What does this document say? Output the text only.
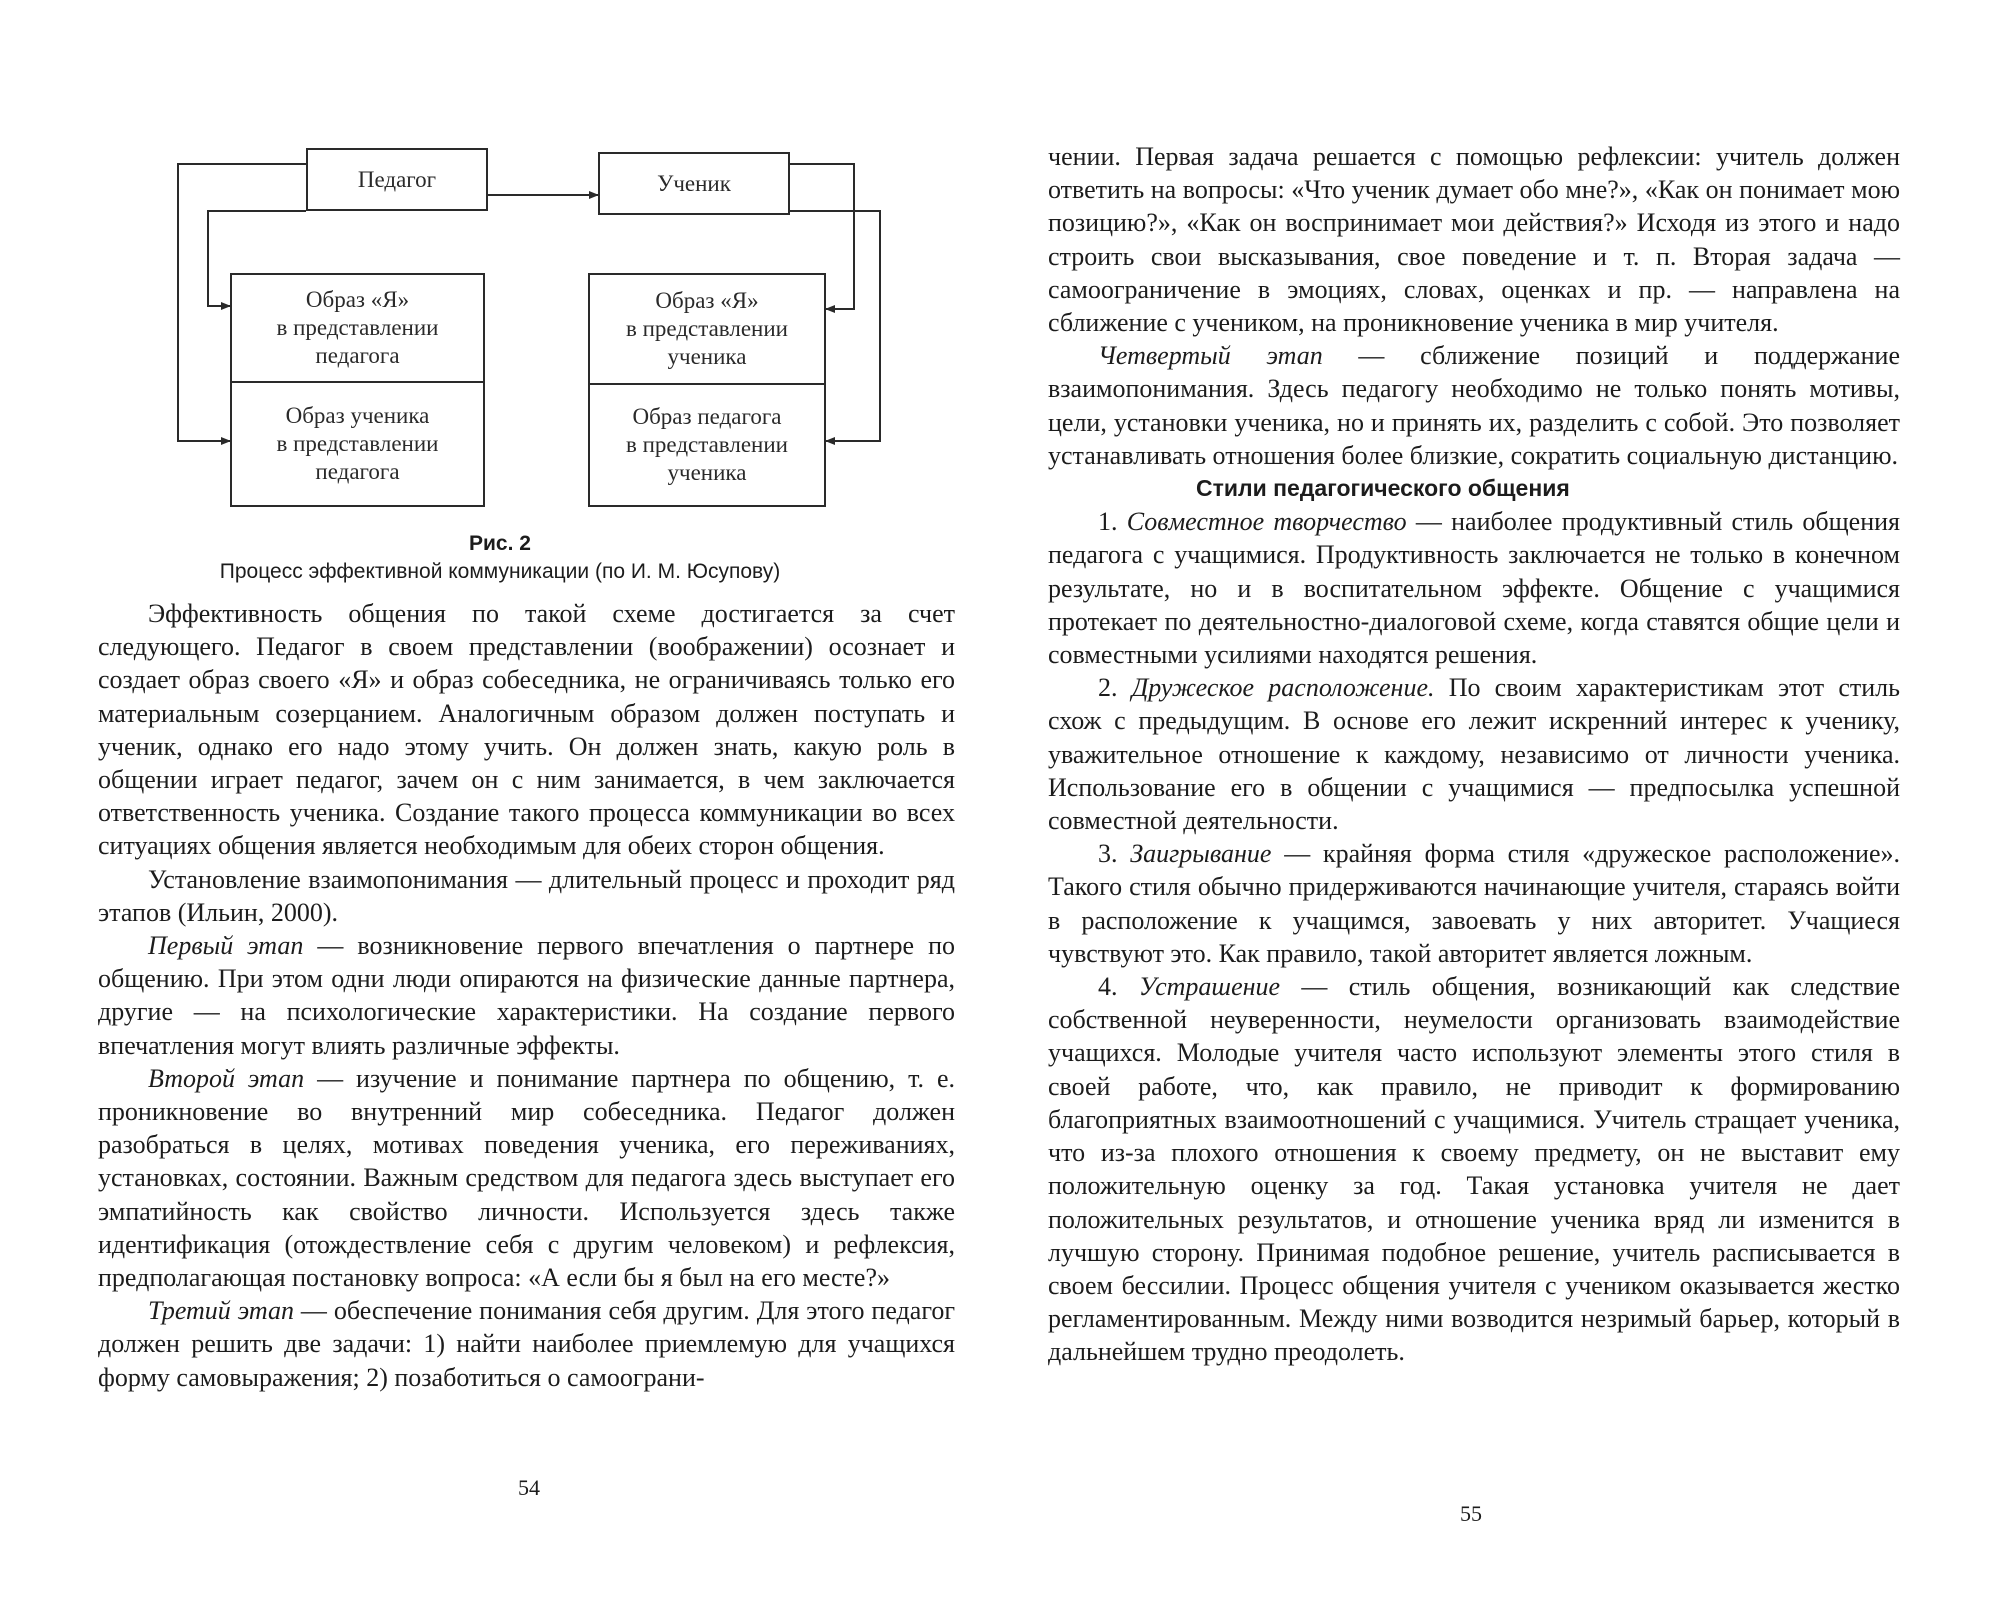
Педагог	Ученик
Образ «Я»
в представлении
педагога
Образ ученика
в представлении
педагога
Образ «Я»
в представлении
ученика
Образ педагога
в представлении
ученика
Рис. 2
Процесс эффективной коммуникации (по И. М. Юсупову)

Эффективность общения по такой схеме достигается за счет следующего. Педагог в своем представлении (воображении) осознает и создает образ своего «Я» и образ собеседника, не ограничиваясь только его материальным созерцанием. Аналогичным образом должен поступать и ученик, однако его надо этому учить. Он должен знать, какую роль в общении играет педагог, зачем он с ним занимается, в чем заключается ответственность ученика. Создание такого процесса коммуникации во всех ситуациях общения является необходимым для обеих сторон общения.

Установление взаимопонимания — длительный процесс и проходит ряд этапов (Ильин, 2000).

Первый этап — возникновение первого впечатления о партнере по общению. При этом одни люди опираются на физические данные партнера, другие — на психологические характеристики. На создание первого впечатления могут влиять различные эффекты.

Второй этап — изучение и понимание партнера по общению, т. е. проникновение во внутренний мир собеседника. Педагог должен разобраться в целях, мотивах поведения ученика, его переживаниях, установках, состоянии. Важным средством для педагога здесь выступает его эмпатийность как свойство личности. Используется здесь также идентификация (отождествление себя с другим человеком) и рефлексия, предполагающая постановку вопроса: «А если бы я был на его месте?»

Третий этап — обеспечение понимания себя другим. Для этого педагог должен решить две задачи: 1) найти наиболее приемлемую для учащихся форму самовыражения; 2) позаботиться о самоограни-

54

чении. Первая задача решается с помощью рефлексии: учитель должен ответить на вопросы: «Что ученик думает обо мне?», «Как он понимает мою позицию?», «Как он воспринимает мои действия?» Исходя из этого и надо строить свои высказывания, свое поведение и т. п. Вторая задача — самоограничение в эмоциях, словах, оценках и пр. — направлена на сближение с учеником, на проникновение ученика в мир учителя.

Четвертый этап — сближение позиций и поддержание взаимопонимания. Здесь педагогу необходимо не только понять мотивы, цели, установки ученика, но и принять их, разделить с собой. Это позволяет устанавливать отношения более близкие, сократить социальную дистанцию.

Стили педагогического общения

1. Совместное творчество — наиболее продуктивный стиль общения педагога с учащимися. Продуктивность заключается не только в конечном результате, но и в воспитательном эффекте. Общение с учащимися протекает по деятельностно-диалоговой схеме, когда ставятся общие цели и совместными усилиями находятся решения.

2. Дружеское расположение. По своим характеристикам этот стиль схож с предыдущим. В основе его лежит искренний интерес к ученику, уважительное отношение к каждому, независимо от личности ученика. Использование его в общении с учащимися — предпосылка успешной совместной деятельности.

3. Заигрывание — крайняя форма стиля «дружеское расположение». Такого стиля обычно придерживаются начинающие учителя, стараясь войти в расположение к учащимся, завоевать у них авторитет. Учащиеся чувствуют это. Как правило, такой авторитет является ложным.

4. Устрашение — стиль общения, возникающий как следствие собственной неуверенности, неумелости организовать взаимодействие учащихся. Молодые учителя часто используют элементы этого стиля в своей работе, что, как правило, не приводит к формированию благоприятных взаимоотношений с учащимися. Учитель стращает ученика, что из-за плохого отношения к своему предмету, он не выставит ему положительную оценку за год. Такая установка учителя не дает положительных результатов, и отношение ученика вряд ли изменится в лучшую сторону. Принимая подобное решение, учитель расписывается в своем бессилии. Процесс общения учителя с учеником оказывается жестко регламентированным. Между ними возводится незримый барьер, который в дальнейшем трудно преодолеть.

55
